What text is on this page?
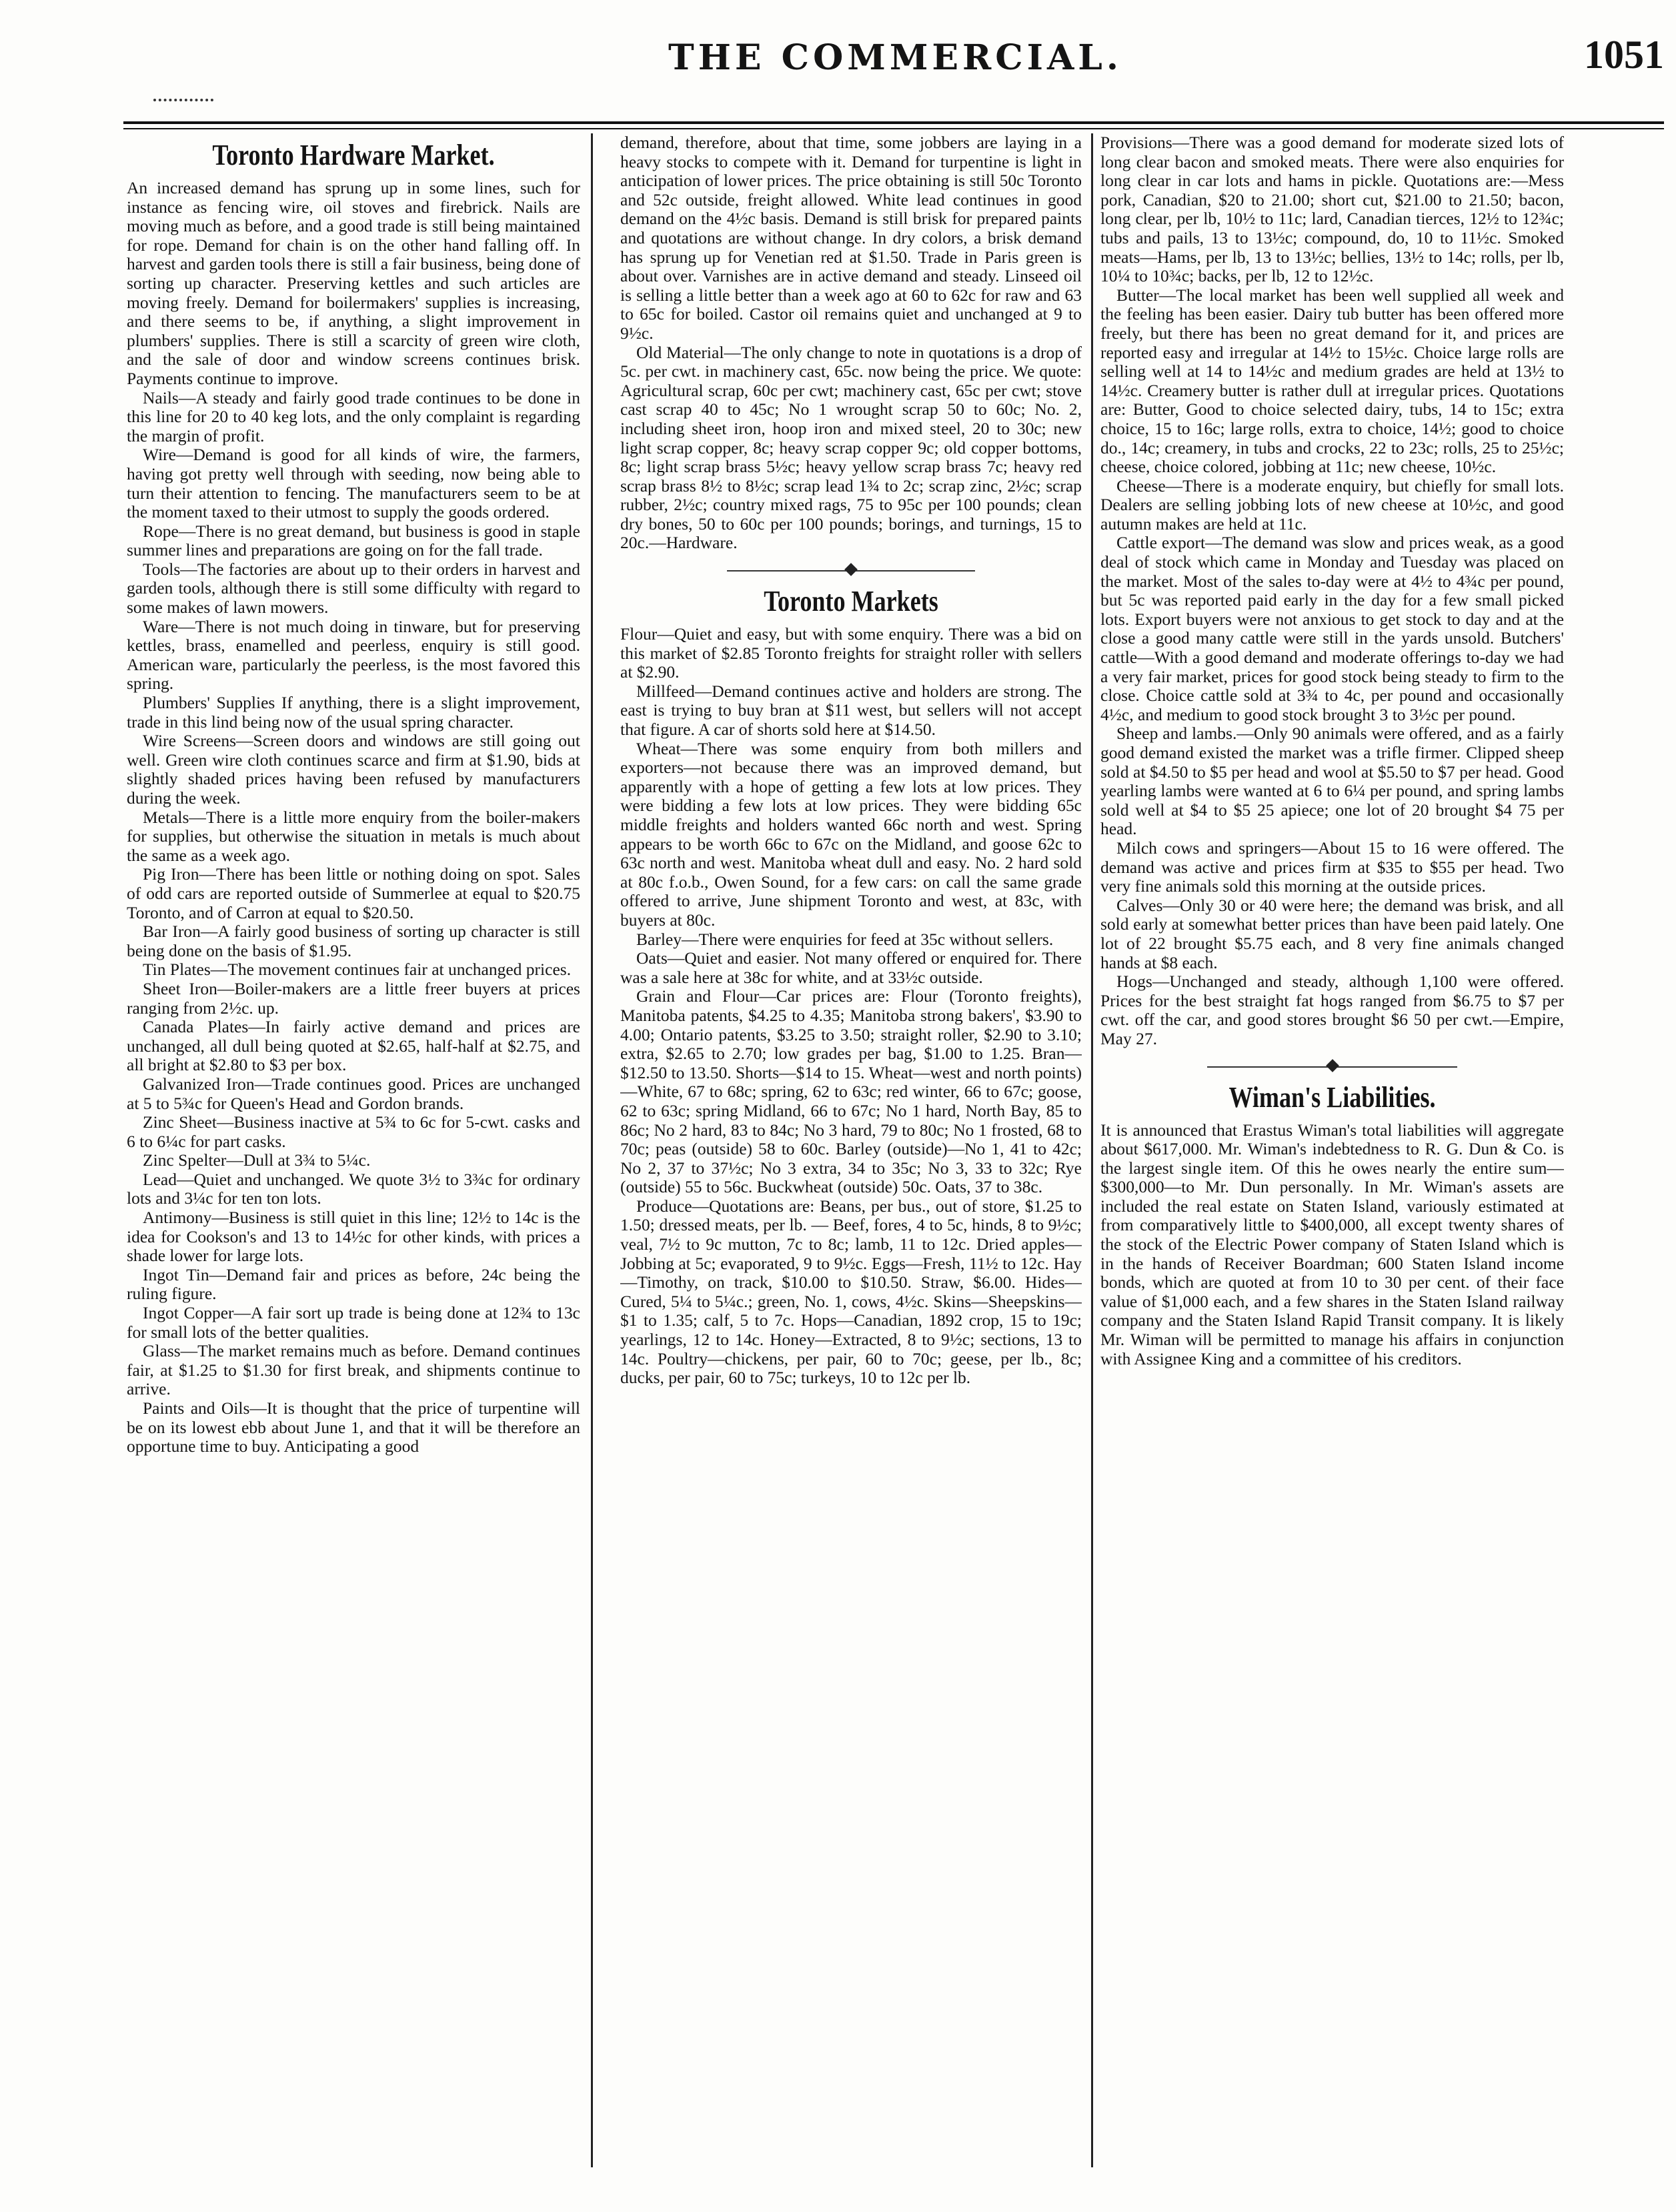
THE COMMERCIAL.	1051
Toronto Hardware Market.

An increased demand has sprung up in some lines, such for instance as fencing wire, oil stoves and firebrick. Nails are moving much as before, and a good trade is still being maintained for rope. Demand for chain is on the other hand falling off. In harvest and garden tools there is still a fair business, being done of sorting up character. Preserving kettles and such articles are moving freely. Demand for boilermakers' supplies is increasing, and there seems to be, if anything, a slight improvement in plumbers' supplies. There is still a scarcity of green wire cloth, and the sale of door and window screens continues brisk. Payments continue to improve.

Nails—A steady and fairly good trade continues to be done in this line for 20 to 40 keg lots, and the only complaint is regarding the margin of profit.

Wire—Demand is good for all kinds of wire, the farmers, having got pretty well through with seeding, now being able to turn their attention to fencing. The manufacturers seem to be at the moment taxed to their utmost to supply the goods ordered.

Rope—There is no great demand, but business is good in staple summer lines and preparations are going on for the fall trade.

Tools—The factories are about up to their orders in harvest and garden tools, although there is still some difficulty with regard to some makes of lawn mowers.

Ware—There is not much doing in tinware, but for preserving kettles, brass, enamelled and peerless, enquiry is still good. American ware, particularly the peerless, is the most favored this spring.

Plumbers' Supplies If anything, there is a slight improvement, trade in this lind being now of the usual spring character.

Wire Screens—Screen doors and windows are still going out well. Green wire cloth continues scarce and firm at $1.90, bids at slightly shaded prices having been refused by manufacturers during the week.

Metals—There is a little more enquiry from the boiler-makers for supplies, but otherwise the situation in metals is much about the same as a week ago.

Pig Iron—There has been little or nothing doing on spot. Sales of odd cars are reported outside of Summerlee at equal to $20.75 Toronto, and of Carron at equal to $20.50.

Bar Iron—A fairly good business of sorting up character is still being done on the basis of $1.95.

Tin Plates—The movement continues fair at unchanged prices.

Sheet Iron—Boiler-makers are a little freer buyers at prices ranging from 2½c. up.

Canada Plates—In fairly active demand and prices are unchanged, all dull being quoted at $2.65, half-half at $2.75, and all bright at $2.80 to $3 per box.

Galvanized Iron—Trade continues good. Prices are unchanged at 5 to 5¾c for Queen's Head and Gordon brands.

Zinc Sheet—Business inactive at 5¾ to 6c for 5-cwt. casks and 6 to 6¼c for part casks.

Zinc Spelter—Dull at 3¾ to 5¼c.

Lead—Quiet and unchanged. We quote 3½ to 3¾c for ordinary lots and 3¼c for ten ton lots.

Antimony—Business is still quiet in this line; 12½ to 14c is the idea for Cookson's and 13 to 14½c for other kinds, with prices a shade lower for large lots.

Ingot Tin—Demand fair and prices as before, 24c being the ruling figure.

Ingot Copper—A fair sort up trade is being done at 12¾ to 13c for small lots of the better qualities.

Glass—The market remains much as before. Demand continues fair, at $1.25 to $1.30 for first break, and shipments continue to arrive.

Paints and Oils—It is thought that the price of turpentine will be on its lowest ebb about June 1, and that it will be therefore an opportune time to buy. Anticipating a good

demand, therefore, about that time, some jobbers are laying in a heavy stocks to compete with it. Demand for turpentine is light in anticipation of lower prices. The price obtaining is still 50c Toronto and 52c outside, freight allowed. White lead continues in good demand on the 4½c basis. Demand is still brisk for prepared paints and quotations are without change. In dry colors, a brisk demand has sprung up for Venetian red at $1.50. Trade in Paris green is about over. Varnishes are in active demand and steady. Linseed oil is selling a little better than a week ago at 60 to 62c for raw and 63 to 65c for boiled. Castor oil remains quiet and unchanged at 9 to 9½c.

Old Material—The only change to note in quotations is a drop of 5c. per cwt. in machinery cast, 65c. now being the price. We quote: Agricultural scrap, 60c per cwt; machinery cast, 65c per cwt; stove cast scrap 40 to 45c; No 1 wrought scrap 50 to 60c; No. 2, including sheet iron, hoop iron and mixed steel, 20 to 30c; new light scrap copper, 8c; heavy scrap copper 9c; old copper bottoms, 8c; light scrap brass 5½c; heavy yellow scrap brass 7c; heavy red scrap brass 8½ to 8½c; scrap lead 1¾ to 2c; scrap zinc, 2½c; scrap rubber, 2½c; country mixed rags, 75 to 95c per 100 pounds; clean dry bones, 50 to 60c per 100 pounds; borings, and turnings, 15 to 20c.—Hardware.

Toronto Markets

Flour—Quiet and easy, but with some enquiry. There was a bid on this market of $2.85 Toronto freights for straight roller with sellers at $2.90.

Millfeed—Demand continues active and holders are strong. The east is trying to buy bran at $11 west, but sellers will not accept that figure. A car of shorts sold here at $14.50.

Wheat—There was some enquiry from both millers and exporters—not because there was an improved demand, but apparently with a hope of getting a few lots at low prices. They were bidding a few lots at low prices. They were bidding 65c middle freights and holders wanted 66c north and west. Spring appears to be worth 66c to 67c on the Midland, and goose 62c to 63c north and west. Manitoba wheat dull and easy. No. 2 hard sold at 80c f.o.b., Owen Sound, for a few cars: on call the same grade offered to arrive, June shipment Toronto and west, at 83c, with buyers at 80c.

Barley—There were enquiries for feed at 35c without sellers.

Oats—Quiet and easier. Not many offered or enquired for. There was a sale here at 38c for white, and at 33½c outside.

Grain and Flour—Car prices are: Flour (Toronto freights), Manitoba patents, $4.25 to 4.35; Manitoba strong bakers', $3.90 to 4.00; Ontario patents, $3.25 to 3.50; straight roller, $2.90 to 3.10; extra, $2.65 to 2.70; low grades per bag, $1.00 to 1.25. Bran—$12.50 to 13.50. Shorts—$14 to 15. Wheat—west and north points)—White, 67 to 68c; spring, 62 to 63c; red winter, 66 to 67c; goose, 62 to 63c; spring Midland, 66 to 67c; No 1 hard, North Bay, 85 to 86c; No 2 hard, 83 to 84c; No 3 hard, 79 to 80c; No 1 frosted, 68 to 70c; peas (outside) 58 to 60c. Barley (outside)—No 1, 41 to 42c; No 2, 37 to 37½c; No 3 extra, 34 to 35c; No 3, 33 to 32c; Rye (outside) 55 to 56c. Buckwheat (outside) 50c. Oats, 37 to 38c.

Produce—Quotations are: Beans, per bus., out of store, $1.25 to 1.50; dressed meats, per lb. — Beef, fores, 4 to 5c, hinds, 8 to 9½c; veal, 7½ to 9c mutton, 7c to 8c; lamb, 11 to 12c. Dried apples—Jobbing at 5c; evaporated, 9 to 9½c. Eggs—Fresh, 11½ to 12c. Hay—Timothy, on track, $10.00 to $10.50. Straw, $6.00. Hides—Cured, 5¼ to 5¼c.; green, No. 1, cows, 4½c. Skins—Sheepskins—$1 to 1.35; calf, 5 to 7c. Hops—Canadian, 1892 crop, 15 to 19c; yearlings, 12 to 14c. Honey—Extracted, 8 to 9½c; sections, 13 to 14c. Poultry—chickens, per pair, 60 to 70c; geese, per lb., 8c; ducks, per pair, 60 to 75c; turkeys, 10 to 12c per lb.

Provisions—There was a good demand for moderate sized lots of long clear bacon and smoked meats. There were also enquiries for long clear in car lots and hams in pickle. Quotations are:—Mess pork, Canadian, $20 to 21.00; short cut, $21.00 to 21.50; bacon, long clear, per lb, 10½ to 11c; lard, Canadian tierces, 12½ to 12¾c; tubs and pails, 13 to 13½c; compound, do, 10 to 11½c. Smoked meats—Hams, per lb, 13 to 13½c; bellies, 13½ to 14c; rolls, per lb, 10¼ to 10¾c; backs, per lb, 12 to 12½c.

Butter—The local market has been well supplied all week and the feeling has been easier. Dairy tub butter has been offered more freely, but there has been no great demand for it, and prices are reported easy and irregular at 14½ to 15½c. Choice large rolls are selling well at 14 to 14½c and medium grades are held at 13½ to 14½c. Creamery butter is rather dull at irregular prices. Quotations are: Butter, Good to choice selected dairy, tubs, 14 to 15c; extra choice, 15 to 16c; large rolls, extra to choice, 14½; good to choice do., 14c; creamery, in tubs and crocks, 22 to 23c; rolls, 25 to 25½c; cheese, choice colored, jobbing at 11c; new cheese, 10½c.

Cheese—There is a moderate enquiry, but chiefly for small lots. Dealers are selling jobbing lots of new cheese at 10½c, and good autumn makes are held at 11c.

Cattle export—The demand was slow and prices weak, as a good deal of stock which came in Monday and Tuesday was placed on the market. Most of the sales to-day were at 4½ to 4¾c per pound, but 5c was reported paid early in the day for a few small picked lots. Export buyers were not anxious to get stock to day and at the close a good many cattle were still in the yards unsold. Butchers' cattle—With a good demand and moderate offerings to-day we had a very fair market, prices for good stock being steady to firm to the close. Choice cattle sold at 3¾ to 4c, per pound and occasionally 4½c, and medium to good stock brought 3 to 3½c per pound.

Sheep and lambs.—Only 90 animals were offered, and as a fairly good demand existed the market was a trifle firmer. Clipped sheep sold at $4.50 to $5 per head and wool at $5.50 to $7 per head. Good yearling lambs were wanted at 6 to 6¼ per pound, and spring lambs sold well at $4 to $5 25 apiece; one lot of 20 brought $4 75 per head.

Milch cows and springers—About 15 to 16 were offered. The demand was active and prices firm at $35 to $55 per head. Two very fine animals sold this morning at the outside prices.

Calves—Only 30 or 40 were here; the demand was brisk, and all sold early at somewhat better prices than have been paid lately. One lot of 22 brought $5.75 each, and 8 very fine animals changed hands at $8 each.

Hogs—Unchanged and steady, although 1,100 were offered. Prices for the best straight fat hogs ranged from $6.75 to $7 per cwt. off the car, and good stores brought $6 50 per cwt.—Empire, May 27.

Wiman's Liabilities.

It is announced that Erastus Wiman's total liabilities will aggregate about $617,000. Mr. Wiman's indebtedness to R. G. Dun & Co. is the largest single item. Of this he owes nearly the entire sum—$300,000—to Mr. Dun personally. In Mr. Wiman's assets are included the real estate on Staten Island, variously estimated at from comparatively little to $400,000, all except twenty shares of the stock of the Electric Power company of Staten Island which is in the hands of Receiver Boardman; 600 Staten Island income bonds, which are quoted at from 10 to 30 per cent. of their face value of $1,000 each, and a few shares in the Staten Island railway company and the Staten Island Rapid Transit company. It is likely Mr. Wiman will be permitted to manage his affairs in conjunction with Assignee King and a committee of his creditors.
